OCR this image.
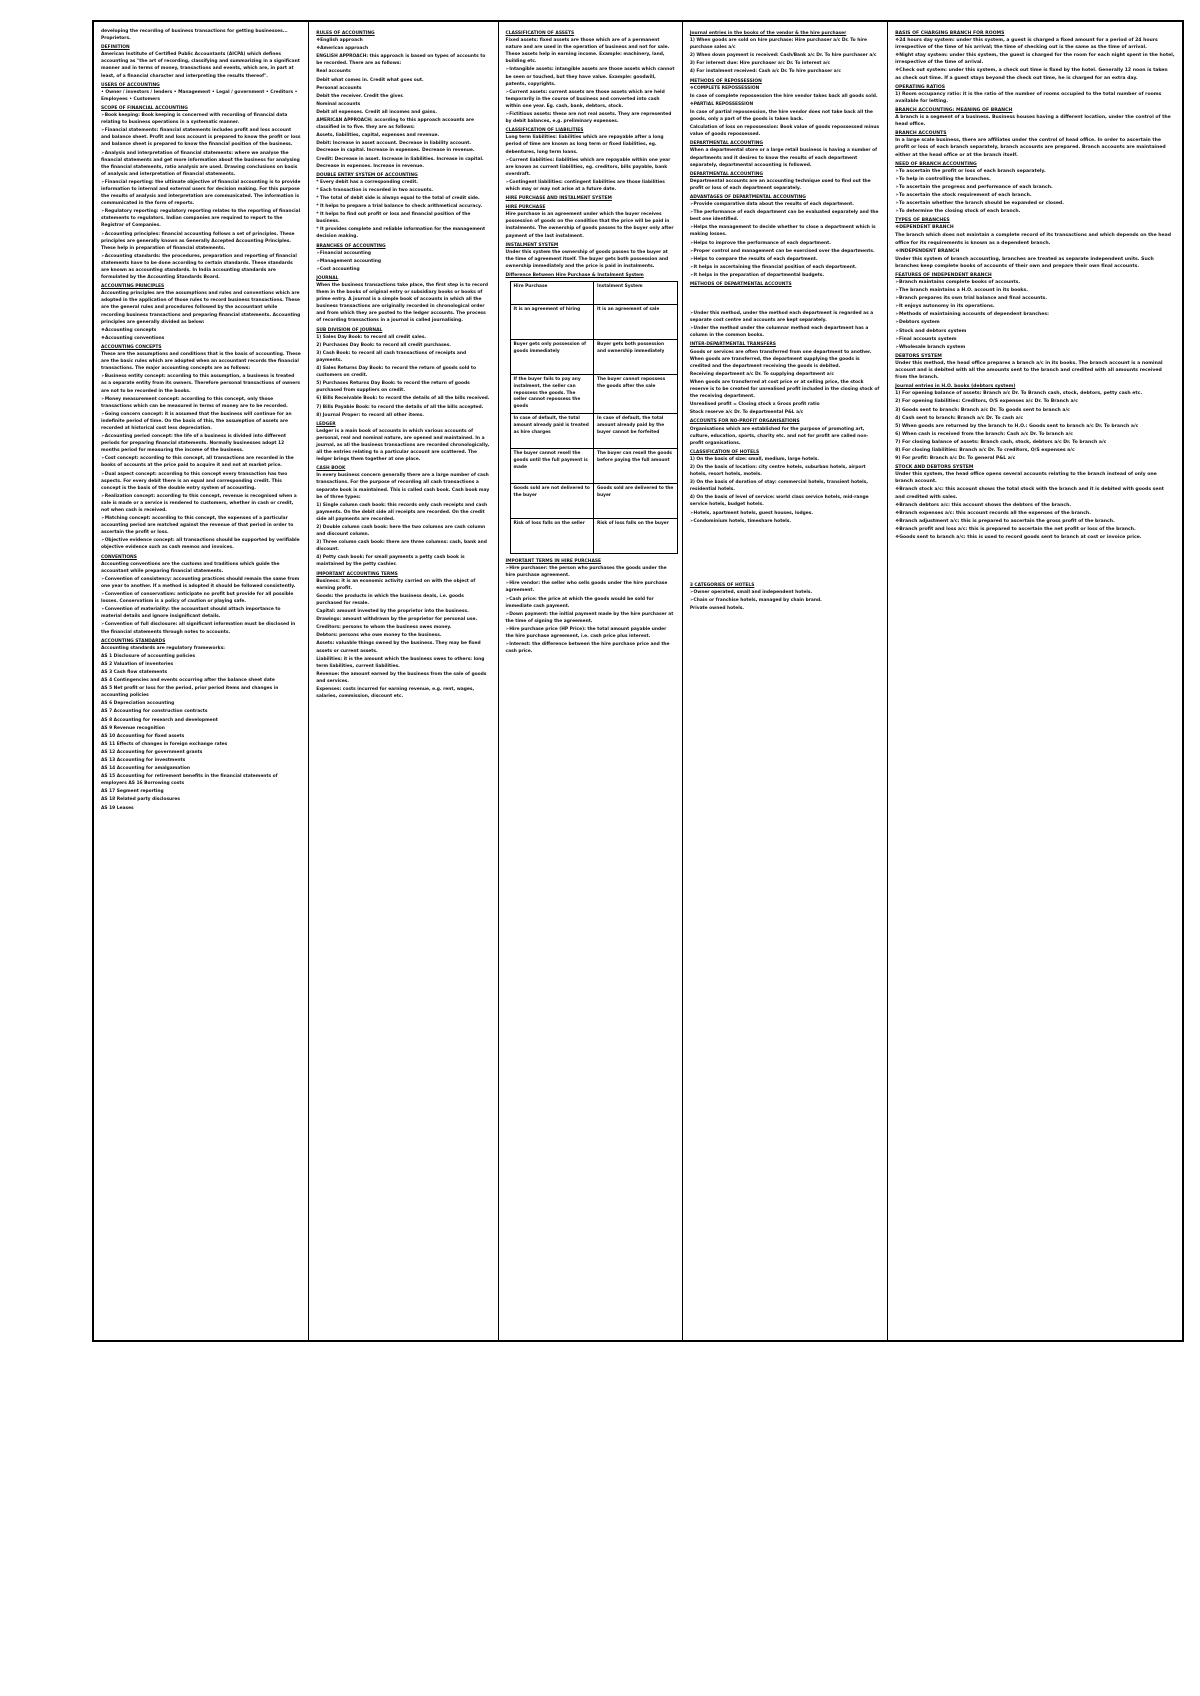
developing the recording of business transactions for getting businesses... Proprietors.
DEFINITION
American Institute of Certified Public Accountants (AICPA) which defines accounting as "the art of recording, classifying and summarizing in a significant manner and in terms of money, transactions and events, which are, in part at least, of a financial character and interpreting the results thereof".
USERS OF ACCOUNTING
• Owner / investors / lenders • Management • Legal / government • Creditors • Employees • Customers
SCOPE OF FINANCIAL ACCOUNTING
➢ Book keeping: Book keeping is concerned with recording of financial data relating to business operations in a systematic manner.
➢ Financial statements: financial statements includes profit and loss account and balance sheet. Profit and loss account is prepared to know the profit or loss and balance sheet is prepared to know the financial position of the business.
➢ Analysis and interpretation of financial statements: where we analyse the financial statements and get more information about the business for analysing the financial statements, ratio analysis are used. Drawing conclusions on basis of analysis and interpretation of financial statements.
➢ Financial reporting: the ultimate objective of financial accounting is to provide information to internal and external users for decision making. For this purpose the results of analysis and interpretation are communicated. The information is communicated in the form of reports.
➢ Regulatory reporting: regulatory reporting relates to the reporting of financial statements to regulators. Indian companies are required to report to the Registrar of Companies.
➢ Accounting principles: financial accounting follows a set of principles. These principles are generally known as Generally Accepted Accounting Principles. These help in preparation of financial statements.
➢ Accounting standards: the procedures, preparation and reporting of financial statements have to be done according to certain standards. These standards are known as accounting standards. In India accounting standards are formulated by the Accounting Standards Board.
ACCOUNTING PRINCIPLES
Accounting principles are the assumptions and rules and conventions which are adopted in the application of those rules to record business transactions. These are the general rules and procedures followed by the accountant while recording business transactions and preparing financial statements. Accounting principles are generally divided as below:
❖ Accounting concepts
❖ Accounting conventions
ACCOUNTING CONCEPTS
These are the assumptions and conditions that is the basis of accounting. These are the basic rules which are adopted when an accountant records the financial transactions. The major accounting concepts are as follows:
➢ Business entity concept: according to this assumption, a business is treated as a separate entity from its owners. Therefore personal transactions of owners are not to be recorded in the books.
➢ Money measurement concept: according to this concept, only those transactions which can be measured in terms of money are to be recorded.
➢ Going concern concept: it is assumed that the business will continue for an indefinite period of time. On the basis of this, the assumption of assets are recorded at historical cost less depreciation.
➢ Accounting period concept: the life of a business is divided into different periods for preparing financial statements. Normally businesses adopt 12 months period for measuring the income of the business.
➢ Cost concept: according to this concept, all transactions are recorded in the books of accounts at the price paid to acquire it and not at market price.
➢ Dual aspect concept: according to this concept every transaction has two aspects. For every debit there is an equal and corresponding credit. This concept is the basis of the double entry system of accounting.
➢ Realization concept: according to this concept, revenue is recognised when a sale is made or a service is rendered to customers, whether in cash or credit, not when cash is received.
➢ Matching concept: according to this concept, the expenses of a particular accounting period are matched against the revenue of that period in order to ascertain the profit or loss.
➢ Objective evidence concept: all transactions should be supported by verifiable objective evidence such as cash memos and invoices.
CONVENTIONS
Accounting conventions are the customs and traditions which guide the accountant while preparing financial statements.
➢ Convention of consistency: accounting practices should remain the same from one year to another. If a method is adopted it should be followed consistently.
➢ Convention of conservatism: anticipate no profit but provide for all possible losses. Conservatism is a policy of caution or playing safe.
➢ Convention of materiality: the accountant should attach importance to material details and ignore insignificant details.
➢ Convention of full disclosure: all significant information must be disclosed in the financial statements through notes to accounts.
ACCOUNTING STANDARDS
Accounting standards are regulatory frameworks:
AS 1 Disclosure of accounting policies
AS 2 Valuation of inventories
AS 3 Cash flow statements
AS 4 Contingencies and events occurring after the balance sheet date
AS 5 Net profit or loss for the period, prior period items and changes in accounting policies
AS 6 Depreciation accounting
AS 7 Accounting for construction contracts
AS 8 Accounting for research and development
AS 9 Revenue recognition
AS 10 Accounting for fixed assets
AS 11 Effects of changes in foreign exchange rates
AS 12 Accounting for government grants
AS 13 Accounting for investments
AS 14 Accounting for amalgamation
AS 15 Accounting for retirement benefits in the financial statements of employers AS 16 Borrowing costs
AS 17 Segment reporting
AS 18 Related party disclosures
AS 19 Leases
RULES OF ACCOUNTING
❖ English approach
❖ American approach
ENGLISH APPROACH: this approach is based on types of accounts to be recorded. There are as follows:
Real accounts
Debit what comes in. Credit what goes out.
Personal accounts
Debit the receiver. Credit the giver.
Nominal accounts
Debit all expenses. Credit all incomes and gains.
AMERICAN APPROACH: according to this approach accounts are classified in to five. they are as follows:
Assets, liabilities, capital, expenses and revenue.
Debit: Increase in asset account. Decrease in liability account. Decrease in capital. Increase in expenses. Decrease in revenue.
Credit: Decrease in asset. Increase in liabilities. Increase in capital. Decrease in expenses. Increase in revenue.
DOUBLE ENTRY SYSTEM OF ACCOUNTING
* Every debit has a corresponding credit.
* Each transaction is recorded in two accounts.
* The total of debit side is always equal to the total of credit side.
* It helps to prepare a trial balance to check arithmetical accuracy.
* It helps to find out profit or loss and financial position of the business.
* It provides complete and reliable information for the management decision making.
BRANCHES OF ACCOUNTING
➢ Financial accounting
➢ Management accounting
➢ Cost accounting
JOURNAL
When the business transactions take place, the first step is to record them in the books of original entry or subsidiary books or books of prime entry. A journal is a simple book of accounts in which all the business transactions are originally recorded in chronological order and from which they are posted to the ledger accounts. The process of recording transactions in a journal is called journalising.
SUB DIVISION OF JOURNAL
1) Sales Day Book: to record all credit sales.
2) Purchases Day Book: to record all credit purchases.
3) Cash Book: to record all cash transactions of receipts and payments.
4) Sales Returns Day Book: to record the return of goods sold to customers on credit.
5) Purchases Returns Day Book: to record the return of goods purchased from suppliers on credit.
6) Bills Receivable Book: to record the details of all the bills received.
7) Bills Payable Book: to record the details of all the bills accepted.
8) Journal Proper: to record all other items.
LEDGER
Ledger is a main book of accounts in which various accounts of personal, real and nominal nature, are opened and maintained. In a journal, as all the business transactions are recorded chronologically, all the entries relating to a particular account are scattered. The ledger brings them together at one place.
CASH BOOK
In every business concern generally there are a large number of cash transactions. For the purpose of recording all cash transactions a separate book is maintained. This is called cash book. Cash book may be of three types:
1) Single column cash book: this records only cash receipts and cash payments. On the debit side all receipts are recorded. On the credit side all payments are recorded.
2) Double column cash book: here the two columns are cash column and discount column.
3) Three column cash book: there are three columns: cash, bank and discount.
4) Petty cash book: for small payments a petty cash book is maintained by the petty cashier.
IMPORTANT ACCOUNTING TERMS
Business: it is an economic activity carried on with the object of earning profit.
Goods: the products in which the business deals, i.e. goods purchased for resale.
Capital: amount invested by the proprietor into the business.
Drawings: amount withdrawn by the proprietor for personal use.
Creditors: persons to whom the business owes money.
Debtors: persons who owe money to the business.
Assets: valuable things owned by the business. They may be fixed assets or current assets.
Liabilities: it is the amount which the business owes to others: long term liabilities, current liabilities.
Revenue: the amount earned by the business from the sale of goods and services.
Expenses: costs incurred for earning revenue, e.g. rent, wages, salaries, commission, discount etc.
CLASSIFICATION OF ASSETS
Fixed assets: fixed assets are those which are of a permanent nature and are used in the operation of business and not for sale. These assets help in earning income. Example: machinery, land, building etc.
➢ Intangible assets: intangible assets are those assets which cannot be seen or touched, but they have value. Example: goodwill, patents, copyrights.
➢ Current assets: current assets are those assets which are held temporarily in the course of business and converted into cash within one year. Eg. cash, bank, debtors, stock.
➢ Fictitious assets: these are not real assets. They are represented by debit balances, e.g. preliminary expenses.
CLASSIFICATION OF LIABILITIES
Long term liabilities: liabilities which are repayable after a long period of time are known as long term or fixed liabilities, eg. debentures, long term loans.
➢ Current liabilities: liabilities which are repayable within one year are known as current liabilities, eg. creditors, bills payable, bank overdraft.
➢ Contingent liabilities: contingent liabilities are those liabilities which may or may not arise at a future date.
HIRE PURCHASE AND INSTALMENT SYSTEM
HIRE PURCHASE
Hire purchase is an agreement under which the buyer receives possession of goods on the condition that the price will be paid in instalments. The ownership of goods passes to the buyer only after payment of the last instalment.
INSTALMENT SYSTEM
Under this system the ownership of goods passes to the buyer at the time of agreement itself. The buyer gets both possession and ownership immediately and the price is paid in instalments.
Difference Between Hire Purchase & Instalment System
Hire Purchase	Instalment System
It is an agreement of hiring	It is an agreement of sale
Buyer gets only possession of goods immediately	Buyer gets both possession and ownership immediately
If the buyer fails to pay any instalment, the seller can repossess the goods. The seller cannot repossess the goods	The buyer cannot repossess the goods after the sale
In case of default, the total amount already paid is treated as hire charges	In case of default, the total amount already paid by the buyer cannot be forfeited
The buyer cannot resell the goods until the full payment is made	The buyer can resell the goods before paying the full amount
Goods sold are not delivered to the buyer	Goods sold are delivered to the buyer
Risk of loss falls on the seller	Risk of loss falls on the buyer
IMPORTANT TERMS IN HIRE PURCHASE
➢ Hire purchaser: the person who purchases the goods under the hire purchase agreement.
➢ Hire vendor: the seller who sells goods under the hire purchase agreement.
➢ Cash price: the price at which the goods would be sold for immediate cash payment.
➢ Down payment: the initial payment made by the hire purchaser at the time of signing the agreement.
➢ Hire purchase price (HP Price): the total amount payable under the hire purchase agreement, i.e. cash price plus interest.
➢ Interest: the difference between the hire purchase price and the cash price.
Journal entries in the books of the vendor & the hire purchaser
1) When goods are sold on hire purchase: Hire purchaser a/c Dr. To hire purchase sales a/c
2) When down payment is received: Cash/Bank a/c Dr. To hire purchaser a/c
3) For interest due: Hire purchaser a/c Dr. To interest a/c
4) For instalment received: Cash a/c Dr. To hire purchaser a/c
METHODS OF REPOSSESSION
❖ COMPLETE REPOSSESSION
In case of complete repossession the hire vendor takes back all goods sold.
❖ PARTIAL REPOSSESSION
In case of partial repossession, the hire vendor does not take back all the goods, only a part of the goods is taken back.
Calculation of loss on repossession: Book value of goods repossessed minus value of goods repossessed.
DEPARTMENTAL ACCOUNTING
When a departmental store or a large retail business is having a number of departments and it desires to know the results of each department separately, departmental accounting is followed.
DEPARTMENTAL ACCOUNTING
Departmental accounts are an accounting technique used to find out the profit or loss of each department separately.
ADVANTAGES OF DEPARTMENTAL ACCOUNTING
➢ Provide comparative data about the results of each department.
➢ The performance of each department can be evaluated separately and the best one identified.
➢ Helps the management to decide whether to close a department which is making losses.
➢ Helps to improve the performance of each department.
➢ Proper control and management can be exercised over the departments.
➢ Helps to compare the results of each department.
➢ It helps in ascertaining the financial position of each department.
➢ It helps in the preparation of departmental budgets.
METHODS OF DEPARTMENTAL ACCOUNTS
➢ Under this method, under the method each department is regarded as a separate cost centre and accounts are kept separately.
➢ Under the method under the columnar method each department has a column in the common books.
INTER-DEPARTMENTAL TRANSFERS
Goods or services are often transferred from one department to another. When goods are transferred, the department supplying the goods is credited and the department receiving the goods is debited.
Receiving department a/c Dr. To supplying department a/c
When goods are transferred at cost price or at selling price, the stock reserve is to be created for unrealised profit included in the closing stock of the receiving department.
Unrealised profit = Closing stock x Gross profit ratio
Stock reserve a/c Dr. To departmental P&L a/c
ACCOUNTS FOR NO-PROFIT ORGANISATIONS
Organisations which are established for the purpose of promoting art, culture, education, sports, charity etc. and not for profit are called non-profit organisations.
CLASSIFICATION OF HOTELS
1) On the basis of size: small, medium, large hotels.
2) On the basis of location: city centre hotels, suburban hotels, airport hotels, resort hotels, motels.
3) On the basis of duration of stay: commercial hotels, transient hotels, residential hotels.
4) On the basis of level of service: world class service hotels, mid-range service hotels, budget hotels.
➢ Hotels, apartment hotels, guest houses, lodges.
➢ Condominium hotels, timeshare hotels.
3 CATEGORIES OF HOTELS
➢ Owner operated, small and independent hotels.
➢ Chain or franchise hotels, managed by chain brand.
Private owned hotels.
BASIS OF CHARGING BRANCH FOR ROOMS
❖ 24 hours day system: under this system, a guest is charged a fixed amount for a period of 24 hours irrespective of the time of his arrival; the time of checking out is the same as the time of arrival.
❖ Night stay system: under this system, the guest is charged for the room for each night spent in the hotel, irrespective of the time of arrival.
❖ Check out system: under this system, a check out time is fixed by the hotel. Generally 12 noon is taken as check out time. If a guest stays beyond the check out time, he is charged for an extra day.
OPERATING RATIOS
1) Room occupancy ratio: it is the ratio of the number of rooms occupied to the total number of rooms available for letting.
BRANCH ACCOUNTING: MEANING OF BRANCH
A branch is a segment of a business. Business houses having a different location, under the control of the head office.
BRANCH ACCOUNTS
In a large scale business, there are affiliates under the control of head office. In order to ascertain the profit or loss of each branch separately, branch accounts are prepared. Branch accounts are maintained either at the head office or at the branch itself.
NEED OF BRANCH ACCOUNTING
➢ To ascertain the profit or loss of each branch separately.
➢ To help in controlling the branches.
➢ To ascertain the progress and performance of each branch.
➢ To ascertain the stock requirement of each branch.
➢ To ascertain whether the branch should be expanded or closed.
➢ To determine the closing stock of each branch.
TYPES OF BRANCHES
❖ DEPENDENT BRANCH
The branch which does not maintain a complete record of its transactions and which depends on the head office for its requirements is known as a dependent branch.
❖ INDEPENDENT BRANCH
Under this system of branch accounting, branches are treated as separate independent units. Such branches keep complete books of accounts of their own and prepare their own final accounts.
FEATURES OF INDEPENDENT BRANCH
➢ Branch maintains complete books of accounts.
➢ The branch maintains a H.O. account in its books.
➢ Branch prepares its own trial balance and final accounts.
➢ It enjoys autonomy in its operations.
➢ Methods of maintaining accounts of dependent branches:
➢ Debtors system
➢ Stock and debtors system
➢ Final accounts system
➢ Wholesale branch system
DEBTORS SYSTEM
Under this method, the head office prepares a branch a/c in its books. The branch account is a nominal account and is debited with all the amounts sent to the branch and credited with all amounts received from the branch.
Journal entries in H.O. books (debtors system)
1) For opening balance of assets: Branch a/c Dr. To Branch cash, stock, debtors, petty cash etc.
2) For opening liabilities: Creditors, O/S expenses a/c Dr. To Branch a/c
3) Goods sent to branch: Branch a/c Dr. To goods sent to branch a/c
4) Cash sent to branch: Branch a/c Dr. To cash a/c
5) When goods are returned by the branch to H.O.: Goods sent to branch a/c Dr. To branch a/c
6) When cash is received from the branch: Cash a/c Dr. To branch a/c
7) For closing balance of assets: Branch cash, stock, debtors a/c Dr. To branch a/c
8) For closing liabilities: Branch a/c Dr. To creditors, O/S expenses a/c
9) For profit: Branch a/c Dr. To general P&L a/c
STOCK AND DEBTORS SYSTEM
Under this system, the head office opens several accounts relating to the branch instead of only one branch account.
❖ Branch stock a/c: this account shows the total stock with the branch and it is debited with goods sent and credited with sales.
❖ Branch debtors a/c: this account shows the debtors of the branch.
❖ Branch expenses a/c: this account records all the expenses of the branch.
❖ Branch adjustment a/c: this is prepared to ascertain the gross profit of the branch.
❖ Branch profit and loss a/c: this is prepared to ascertain the net profit or loss of the branch.
❖ Goods sent to branch a/c: this is used to record goods sent to branch at cost or invoice price.
